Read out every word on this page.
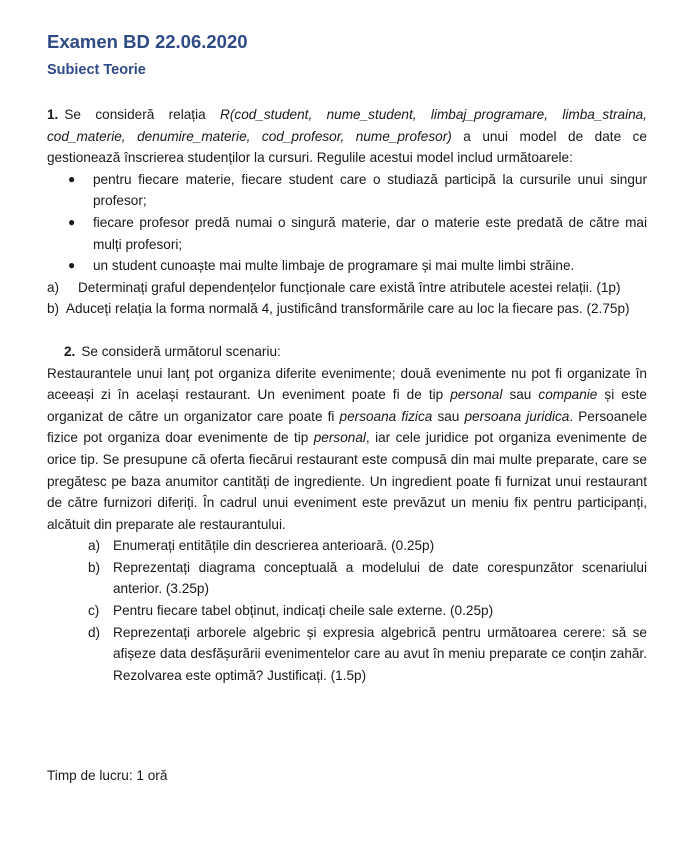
Examen BD 22.06.2020
Subiect Teorie

1. Se consideră relația R(cod_student, nume_student, limbaj_programare, limba_straina, cod_materie, denumire_materie, cod_profesor, nume_profesor) a unui model de date ce gestionează înscrierea studenților la cursuri. Regulile acestui model includ următoarele:

● pentru fiecare materie, fiecare student care o studiază participă la cursurile unui singur profesor;

● fiecare profesor predă numai o singură materie, dar o materie este predată de către mai mulți profesori;

● un student cunoaște mai multe limbaje de programare și mai multe limbi străine.

a)     Determinați graful dependențelor funcționale care există între atributele acestei relații. (1p)

b)  Aduceți relația la forma normală 4, justificând transformările care au loc la fiecare pas. (2.75p)

2. Se consideră următorul scenariu:

Restaurantele unui lanț pot organiza diferite evenimente; două evenimente nu pot fi organizate în aceeași zi în același restaurant. Un eveniment poate fi de tip personal sau companie și este organizat de către un organizator care poate fi persoana fizica sau persoana juridica. Persoanele fizice pot organiza doar evenimente de tip personal, iar cele juridice pot organiza evenimente de orice tip. Se presupune că oferta fiecărui restaurant este compusă din mai multe preparate, care se pregătesc pe baza anumitor cantități de ingrediente. Un ingredient poate fi furnizat unui restaurant de către furnizori diferiți. În cadrul unui eveniment este prevăzut un meniu fix pentru participanți, alcătuit din preparate ale restaurantului.

a) Enumerați entitățile din descrierea anterioară. (0.25p)

b) Reprezentați diagrama conceptuală a modelului de date corespunzător scenariului anterior. (3.25p)

c) Pentru fiecare tabel obținut, indicați cheile sale externe. (0.25p)

d) Reprezentați arborele algebric și expresia algebrică pentru următoarea cerere: să se afișeze data desfășurării evenimentelor care au avut în meniu preparate ce conțin zahăr. Rezolvarea este optimă? Justificați. (1.5p)

Timp de lucru: 1 oră
